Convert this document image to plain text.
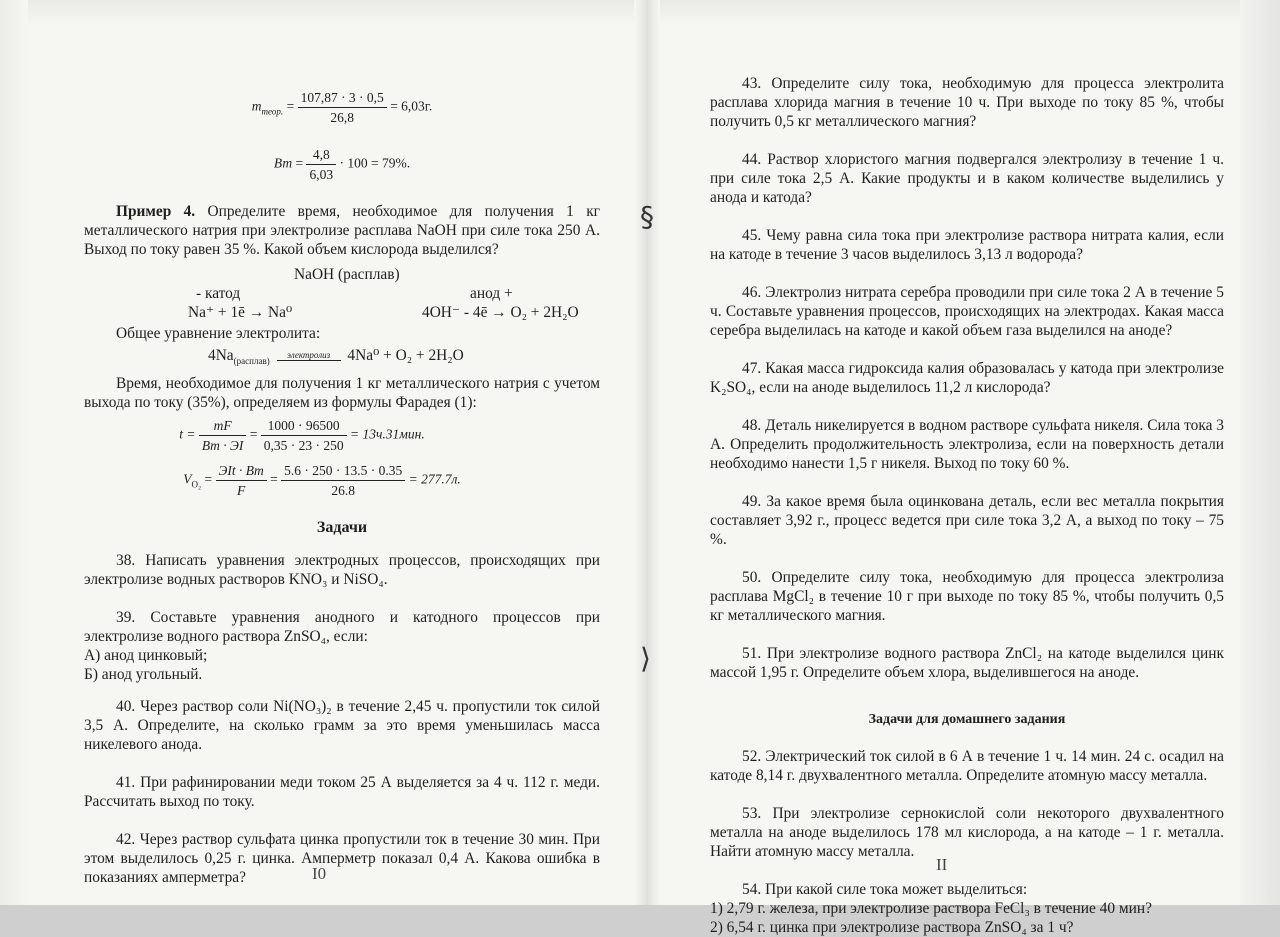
§
⟩

$m_{теор.} = \frac{107,87 \cdot 3 \cdot 0,5}{26,8} = 6,03г$.

Вт = $\frac{4,8}{6,03} \cdot 100 = 79\%$.

Пример 4. Определите время, необходимое для получения 1 кг металлического натрия при электролизе расплава NaOH при силе тока 250 А. Выход по току равен 35 %. Какой объем кислорода выделился?

NaOH (расплав)
- катод	анод +
Na⁺ + 1ē → Na⁰	4OH⁻ - 4ē → O₂ + 2H₂O

Общее уравнение электролита:

$4Na_{(расплав)}$ электролиз 4Na⁰ + O₂ + 2H₂O

Время, необходимое для получения 1 кг металлического натрия с учетом выхода по току (35%), определяем из формулы Фарадея (1):

$t = \frac{mF}{Bm \cdot ЭI} = \frac{1000 \cdot 96500}{0,35 \cdot 23 \cdot 250} = 13ч.31мин$.

$V_{O_2} = \frac{\text{ЭIt · Bm}}{F} = \frac{5.6 \cdot 250 \cdot 13.5 \cdot 0.35}{26.8} = 277.7л$.

Задачи

38. Написать уравнения электродных процессов, происходящих при электролизе водных растворов KNO₃ и NiSO₄.

39. Составьте уравнения анодного и катодного процессов при электролизе водного раствора ZnSO₄, если:

А) анод цинковый;

Б) анод угольный.

40. Через раствор соли Ni(NO₃)₂ в течение 2,45 ч. пропустили ток силой 3,5 А. Определите, на сколько грамм за это время уменьшилась масса никелевого анода.

41. При рафинировании меди током 25 А выделяется за 4 ч. 112 г. меди. Рассчитать выход по току.

42. Через раствор сульфата цинка пропустили ток в течение 30 мин. При этом выделилось 0,25 г. цинка. Амперметр показал 0,4 А. Какова ошибка в показаниях амперметра?	I0

43. Определите силу тока, необходимую для процесса электролита расплава хлорида магния в течение 10 ч. При выходе по току 85 %, чтобы получить 0,5 кг металлического магния?

44. Раствор хлористого магния подвергался электролизу в течение 1 ч. при силе тока 2,5 А. Какие продукты и в каком количестве выделились у анода и катода?

45. Чему равна сила тока при электролизе раствора нитрата калия, если на катоде в течение 3 часов выделилось 3,13 л водорода?

46. Электролиз нитрата серебра проводили при силе тока 2 А в течение 5 ч. Составьте уравнения процессов, происходящих на электродах. Какая масса серебра выделилась на катоде и какой объем газа выделился на аноде?

47. Какая масса гидроксида калия образовалась у катода при электролизе K₂SO₄, если на аноде выделилось 11,2 л кислорода?

48. Деталь никелируется в водном растворе сульфата никеля. Сила тока 3 А. Определить продолжительность электролиза, если на поверхность детали необходимо нанести 1,5 г никеля. Выход по току 60 %.

49. За какое время была оцинкована деталь, если вес металла покрытия составляет 3,92 г., процесс ведется при силе тока 3,2 А, а выход по току – 75 %.

50. Определите силу тока, необходимую для процесса электролиза расплава MgCl₂ в течение 10 г при выходе по току 85 %, чтобы получить 0,5 кг металлического магния.

51. При электролизе водного раствора ZnCl₂ на катоде выделился цинк массой 1,95 г. Определите объем хлора, выделившегося на аноде.

Задачи для домашнего задания

52. Электрический ток силой в 6 А в течение 1 ч. 14 мин. 24 с. осадил на катоде 8,14 г. двухвалентного металла. Определите атомную массу металла.

53. При электролизе сернокислой соли некоторого двухвалентного металла на аноде выделилось 178 мл кислорода, а на катоде – 1 г. металла. Найти атомную массу металла.

54. При какой силе тока может выделиться:

1) 2,79 г. железа, при электролизе раствора FeCl₃ в течение 40 мин?

2) 6,54 г. цинка при электролизе раствора ZnSO₄ за 1 ч?

II
